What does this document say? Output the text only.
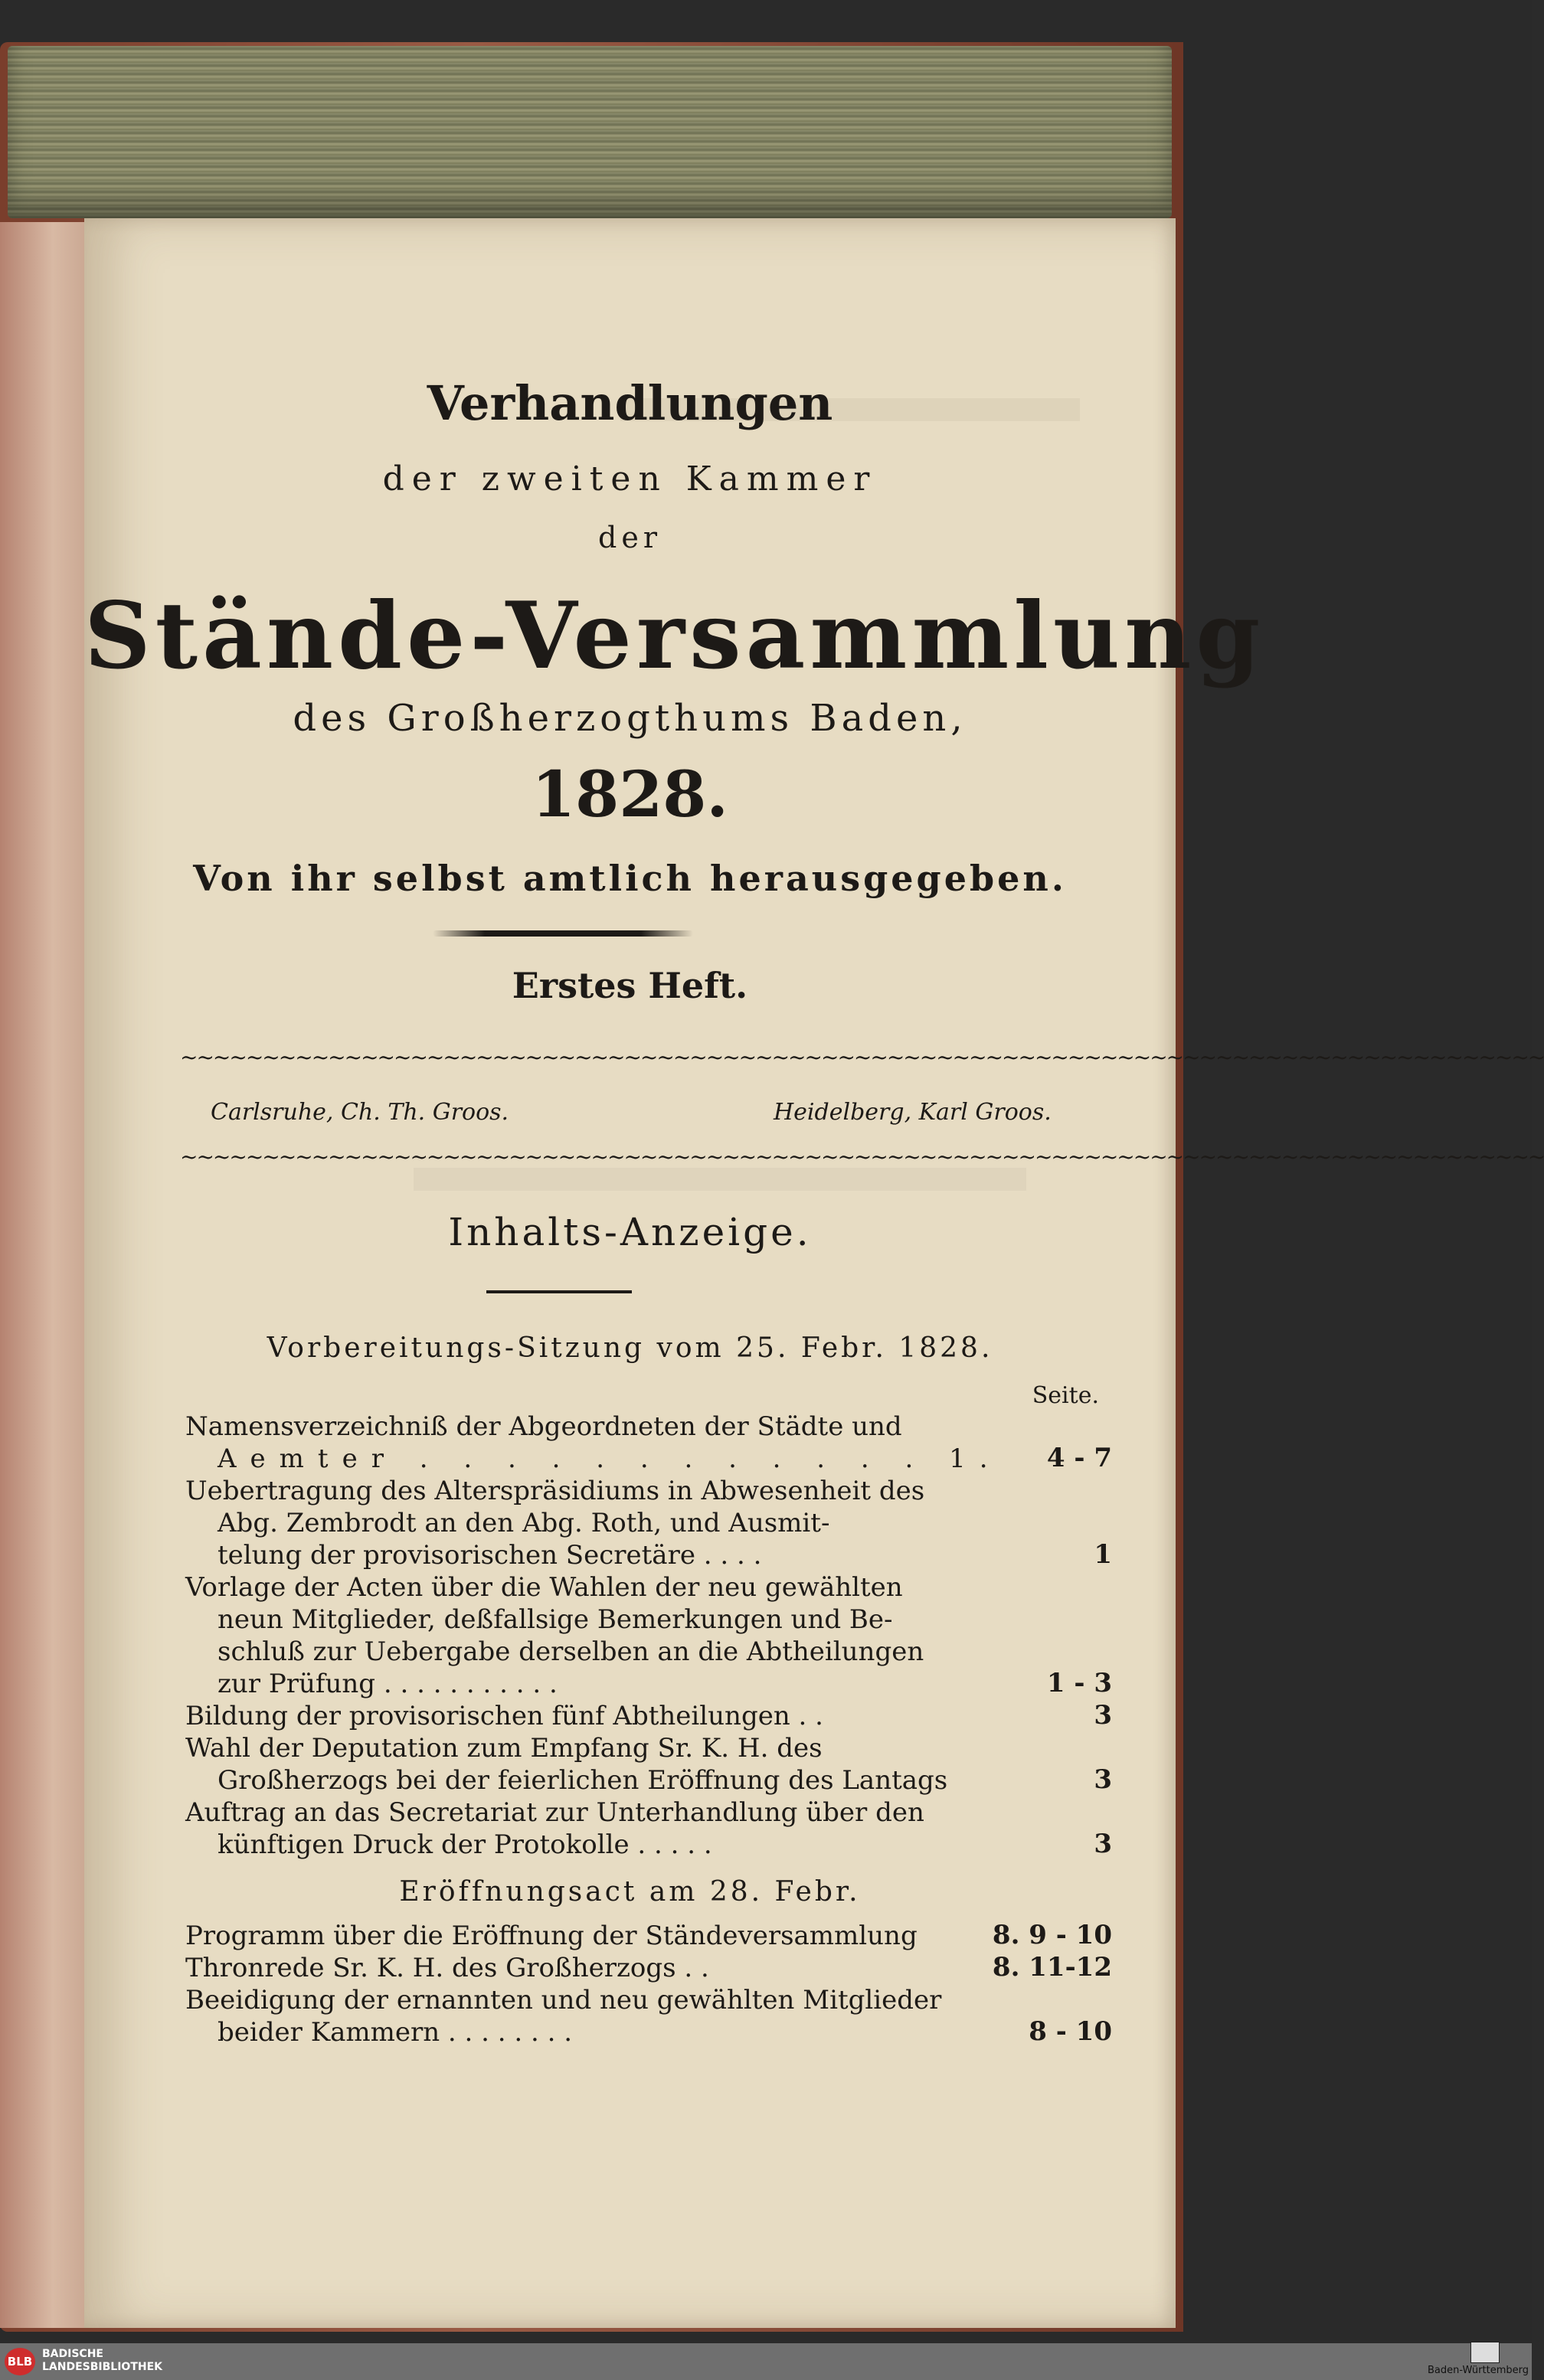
Verhandlungen
der zweiten Kammer
der
Stände-Versammlung
des Großherzogthums Baden,
1828.
Von ihr selbst amtlich herausgegeben.
Erstes Heft.
~~~~~~~~~~~~~~~~~~~~~~~~~~~~~~~~~~~~~~~~~~~~~~~~~~~~~~~~~~~~~~~~~~~~~~~~~~~~~~~~~~~
Carlsruhe, Ch. Th. Groos.	Heidelberg, Karl Groos.
~~~~~~~~~~~~~~~~~~~~~~~~~~~~~~~~~~~~~~~~~~~~~~~~~~~~~~~~~~~~~~~~~~~~~~~~~~~~~~~~~~~
Inhalts-Anzeige.
Vorbereitungs-Sitzung vom 25. Febr. 1828.
Seite.
Namensverzeichniß der Abgeordneten der Städte und
Aemter . . . . . . . . . . . . 1.	4 - 7
Uebertragung des Alterspräsidiums in Abwesenheit des
Abg. Zembrodt an den Abg. Roth, und Ausmit-
telung der provisorischen Secretäre . . . .	1
Vorlage der Acten über die Wahlen der neu gewählten
neun Mitglieder, deßfallsige Bemerkungen und Be-
schluß zur Uebergabe derselben an die Abtheilungen
zur Prüfung . . . . . . . . . . .	1 - 3
Bildung der provisorischen fünf Abtheilungen . .	3
Wahl der Deputation zum Empfang Sr. K. H. des
Großherzogs bei der feierlichen Eröffnung des Lantags	3
Auftrag an das Secretariat zur Unterhandlung über den
künftigen Druck der Protokolle . . . . .	3
Eröffnungsact am 28. Febr.
Programm über die Eröffnung der Ständeversammlung	8. 9 - 10
Thronrede Sr. K. H. des Großherzogs . .	8. 11-12
Beeidigung der ernannten und neu gewählten Mitglieder
beider Kammern . . . . . . . .	8 - 10
BLB
BADISCHE
LANDESBIBLIOTHEK	Baden-Württemberg
